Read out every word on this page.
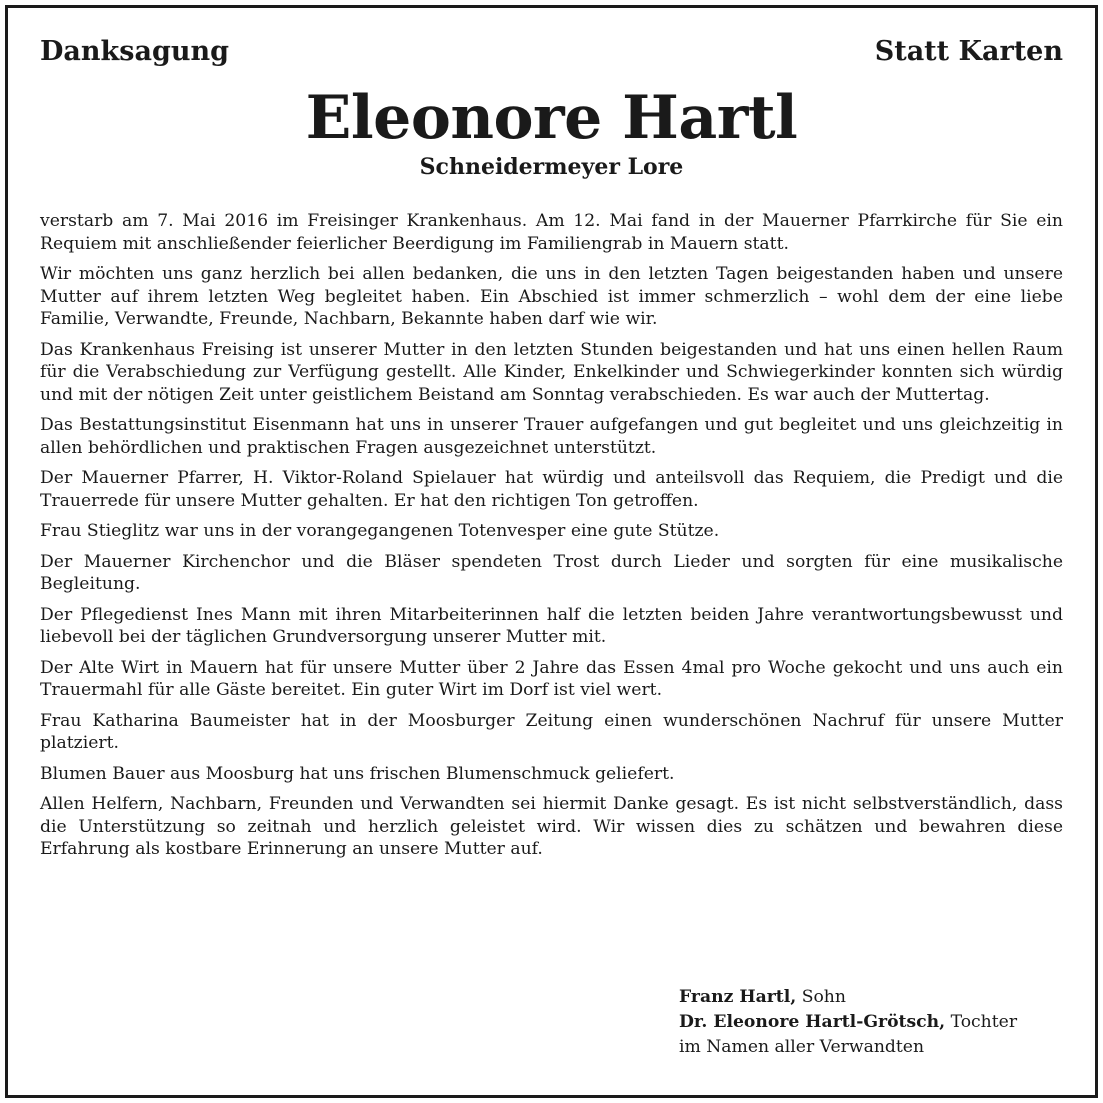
Danksagung	Statt Karten
Eleonore Hartl
Schneidermeyer Lore

verstarb am 7. Mai 2016 im Freisinger Krankenhaus. Am 12. Mai fand in der Mauerner Pfarrkirche für Sie ein Requiem mit anschließender feierlicher Beerdigung im Familiengrab in Mauern statt.

Wir möchten uns ganz herzlich bei allen bedanken, die uns in den letzten Tagen beigestanden haben und unsere Mutter auf ihrem letzten Weg begleitet haben. Ein Abschied ist immer schmerzlich – wohl dem der eine liebe Familie, Verwandte, Freunde, Nachbarn, Bekannte haben darf wie wir.

Das Krankenhaus Freising ist unserer Mutter in den letzten Stunden beigestanden und hat uns einen hellen Raum für die Verabschiedung zur Verfügung gestellt. Alle Kinder, Enkelkinder und Schwiegerkinder konnten sich würdig und mit der nötigen Zeit unter geistlichem Beistand am Sonntag verabschieden. Es war auch der Muttertag.

Das Bestattungsinstitut Eisenmann hat uns in unserer Trauer aufgefangen und gut begleitet und uns gleichzeitig in allen behördlichen und praktischen Fragen ausgezeichnet unterstützt.

Der Mauerner Pfarrer, H. Viktor-Roland Spielauer hat würdig und anteilsvoll das Requiem, die Predigt und die Trauerrede für unsere Mutter gehalten. Er hat den richtigen Ton getroffen.

Frau Stieglitz war uns in der vorangegangenen Totenvesper eine gute Stütze.

Der Mauerner Kirchenchor und die Bläser spendeten Trost durch Lieder und sorgten für eine musikalische Begleitung.

Der Pflegedienst Ines Mann mit ihren Mitarbeiterinnen half die letzten beiden Jahre verantwortungsbewusst und liebevoll bei der täglichen Grundversorgung unserer Mutter mit.

Der Alte Wirt in Mauern hat für unsere Mutter über 2 Jahre das Essen 4mal pro Woche gekocht und uns auch ein Trauermahl für alle Gäste bereitet. Ein guter Wirt im Dorf ist viel wert.

Frau Katharina Baumeister hat in der Moosburger Zeitung einen wunderschönen Nachruf für unsere Mutter platziert.

Blumen Bauer aus Moosburg hat uns frischen Blumenschmuck geliefert.

Allen Helfern, Nachbarn, Freunden und Verwandten sei hiermit Danke gesagt. Es ist nicht selbstverständlich, dass die Unterstützung so zeitnah und herzlich geleistet wird. Wir wissen dies zu schätzen und bewahren diese Erfahrung als kostbare Erinnerung an unsere Mutter auf.

Franz Hartl, Sohn
Dr. Eleonore Hartl-Grötsch, Tochter
im Namen aller Verwandten
